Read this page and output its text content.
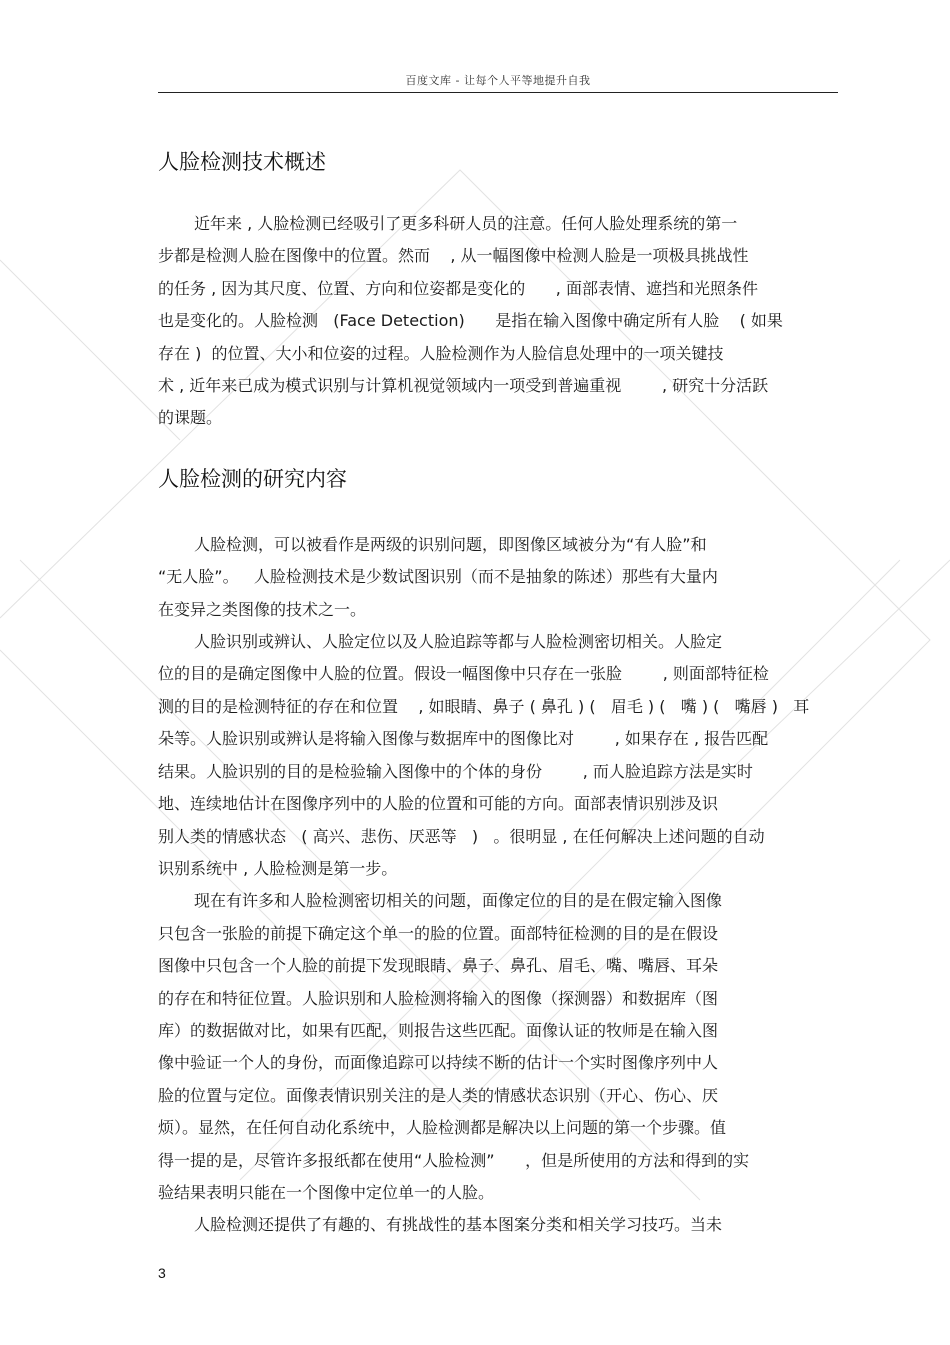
百度文库 - 让每个人平等地提升自我
人脸检测技术概述

近年来 , 人脸检测已经吸引了更多科研人员的注意。任何人脸处理系统的第一
步都是检测人脸在图像中的位置。然而    , 从一幅图像中检测人脸是一项极具挑战性
的任务 , 因为其尺度、位置、方向和位姿都是变化的      , 面部表情、遮挡和光照条件
也是变化的。人脸检测   (Face Detection)      是指在输入图像中确定所有人脸    ( 如果
存在 )  的位置、大小和位姿的过程。人脸检测作为人脸信息处理中的一项关键技
术 , 近年来已成为模式识别与计算机视觉领域内一项受到普遍重视        , 研究十分活跃
的课题。

人脸检测的研究内容

人脸检测，可以被看作是两级的识别问题，即图像区域被分为“有人脸”和
“无人脸”。   人脸检测技术是少数试图识别（而不是抽象的陈述）那些有大量内
在变异之类图像的技术之一。

人脸识别或辨认、人脸定位以及人脸追踪等都与人脸检测密切相关。人脸定
位的目的是确定图像中人脸的位置。假设一幅图像中只存在一张脸        , 则面部特征检
测的目的是检测特征的存在和位置    , 如眼睛、鼻子 ( 鼻孔 ) (   眉毛 ) (   嘴 ) (   嘴唇 )   耳
朵等。人脸识别或辨认是将输入图像与数据库中的图像比对        , 如果存在 , 报告匹配
结果。人脸识别的目的是检验输入图像中的个体的身份        , 而人脸追踪方法是实时
地、连续地估计在图像序列中的人脸的位置和可能的方向。面部表情识别涉及识
别人类的情感状态   ( 高兴、悲伤、厌恶等   )   。很明显 , 在任何解决上述问题的自动
识别系统中 , 人脸检测是第一步。

现在有许多和人脸检测密切相关的问题，面像定位的目的是在假定输入图像
只包含一张脸的前提下确定这个单一的脸的位置。面部特征检测的目的是在假设
图像中只包含一个人脸的前提下发现眼睛、鼻子、鼻孔、眉毛、嘴、嘴唇、耳朵
的存在和特征位置。人脸识别和人脸检测将输入的图像（探测器）和数据库（图
库）的数据做对比，如果有匹配，则报告这些匹配。面像认证的牧师是在输入图
像中验证一个人的身份，而面像追踪可以持续不断的估计一个实时图像序列中人
脸的位置与定位。面像表情识别关注的是人类的情感状态识别（开心、伤心、厌
烦）。显然，在任何自动化系统中，人脸检测都是解决以上问题的第一个步骤。值
得一提的是，尽管许多报纸都在使用“人脸检测”      ，但是所使用的方法和得到的实
验结果表明只能在一个图像中定位单一的人脸。

人脸检测还提供了有趣的、有挑战性的基本图案分类和相关学习技巧。当未

3
